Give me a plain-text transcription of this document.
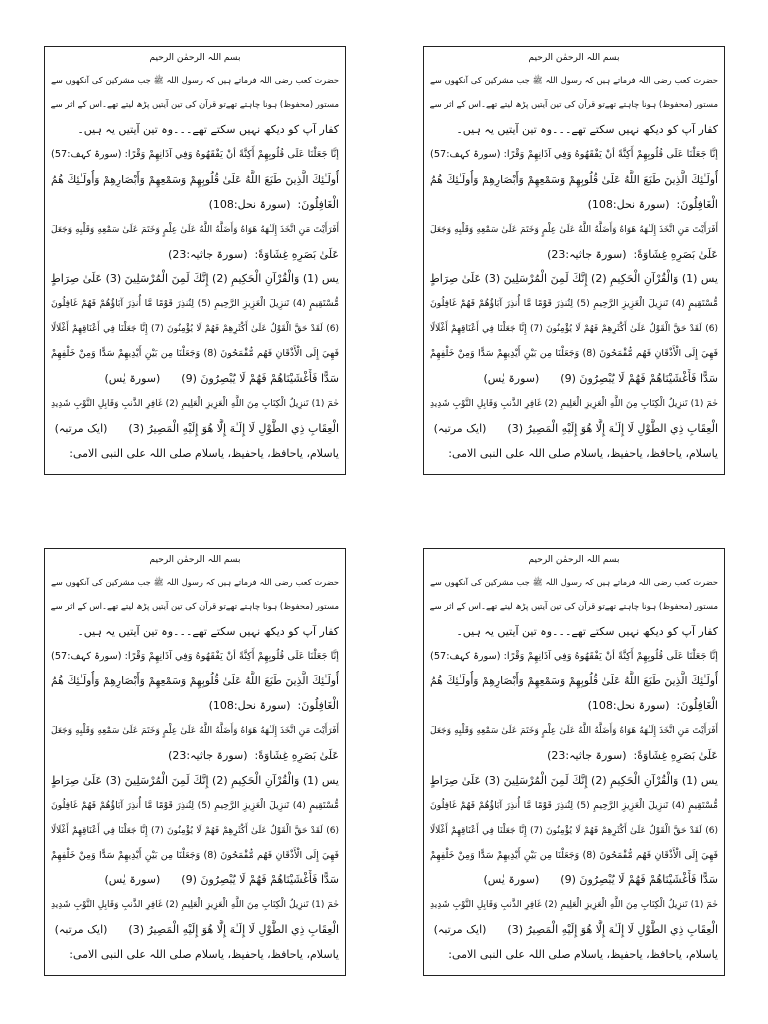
بسم اللہ الرحمٰن الرحیم
حضرت کعب رضی اللہ فرماتے ہیں کہ رسول اللہ ﷺ جب مشرکین کی آنکھوں سے
مستور (محفوظ) ہونا چاہتے تھےتو قرآن کی تین آیتیں پڑھ لیتے تھے۔اس کے اثر سے
کفار آپ کو دیکھ نہیں سکتے تھے۔۔۔وہ تین آیتیں یہ ہیں۔
إنَّا جَعَلْنَا عَلَى قُلُوبِهِمْ أَكِنَّةً أنْ يَفْقَهُوهُ وَفِي آذَانِهِمْ وَقْرًا: (سورۃ کہف:57)
أُولَـٰئِكَ الَّذِينَ طَبَعَ اللَّهُ عَلَىٰ قُلُوبِهِمْ وَسَمْعِهِمْ وَأَبْصَارِهِمْ وَأُولَـٰئِكَ هُمُ
الْغَافِلُونَ:  (سورۃ نحل:108)
أَفَرَأَيْتَ مَنِ اتَّخَذَ إِلَـٰهَهُ هَوَاهُ وَأَضَلَّهُ اللَّهُ عَلَىٰ عِلْمٍ وَخَتَمَ عَلَىٰ سَمْعِهِ وَقَلْبِهِ وَجَعَلَ
عَلَىٰ بَصَرِهِ غِشَاوَةً:  (سورۃ جاثیہ:23)
يس (1) وَالْقُرْآنِ الْحَكِيمِ (2) إِنَّكَ لَمِنَ الْمُرْسَلِينَ (3) عَلَىٰ صِرَاطٍ
مُّسْتَقِيمٍ (4) تَنزِيلَ الْعَزِيزِ الرَّحِيمِ (5) لِتُنذِرَ قَوْمًا مَّا أُنذِرَ آبَاؤُهُمْ فَهُمْ غَافِلُونَ
(6) لَقَدْ حَقَّ الْقَوْلُ عَلَىٰ أَكْثَرِهِمْ فَهُمْ لَا يُؤْمِنُونَ (7) إِنَّا جَعَلْنَا فِي أَعْنَاقِهِمْ أَغْلَالًا
فَهِيَ إِلَى الْأَذْقَانِ فَهُم مُّقْمَحُونَ (8) وَجَعَلْنَا مِن بَيْنِ أَيْدِيهِمْ سَدًّا وَمِنْ خَلْفِهِمْ
سَدًّا فَأَغْشَيْنَاهُمْ فَهُمْ لَا يُبْصِرُونَ (9)      (سورۃ یٰس)
حٰمٓ (1) تَنزِيلُ الْكِتَابِ مِنَ اللَّهِ الْعَزِيزِ الْعَلِيمِ (2) غَافِرِ الذَّنبِ وَقَابِلِ التَّوْبِ شَدِيدِ
الْعِقَابِ ذِي الطَّوْلِ لَا إِلَـٰهَ إِلَّا هُوَ إِلَيْهِ الْمَصِيرُ (3)      (ایک مرتبہ)
یاسلام، یاحافظ، یاحفیظ، یاسلام صلی اللہ علی النبی الامی:
بسم اللہ الرحمٰن الرحیم
حضرت کعب رضی اللہ فرماتے ہیں کہ رسول اللہ ﷺ جب مشرکین کی آنکھوں سے
مستور (محفوظ) ہونا چاہتے تھےتو قرآن کی تین آیتیں پڑھ لیتے تھے۔اس کے اثر سے
کفار آپ کو دیکھ نہیں سکتے تھے۔۔۔وہ تین آیتیں یہ ہیں۔
إنَّا جَعَلْنَا عَلَى قُلُوبِهِمْ أَكِنَّةً أنْ يَفْقَهُوهُ وَفِي آذَانِهِمْ وَقْرًا: (سورۃ کہف:57)
أُولَـٰئِكَ الَّذِينَ طَبَعَ اللَّهُ عَلَىٰ قُلُوبِهِمْ وَسَمْعِهِمْ وَأَبْصَارِهِمْ وَأُولَـٰئِكَ هُمُ
الْغَافِلُونَ:  (سورۃ نحل:108)
أَفَرَأَيْتَ مَنِ اتَّخَذَ إِلَـٰهَهُ هَوَاهُ وَأَضَلَّهُ اللَّهُ عَلَىٰ عِلْمٍ وَخَتَمَ عَلَىٰ سَمْعِهِ وَقَلْبِهِ وَجَعَلَ
عَلَىٰ بَصَرِهِ غِشَاوَةً:  (سورۃ جاثیہ:23)
يس (1) وَالْقُرْآنِ الْحَكِيمِ (2) إِنَّكَ لَمِنَ الْمُرْسَلِينَ (3) عَلَىٰ صِرَاطٍ
مُّسْتَقِيمٍ (4) تَنزِيلَ الْعَزِيزِ الرَّحِيمِ (5) لِتُنذِرَ قَوْمًا مَّا أُنذِرَ آبَاؤُهُمْ فَهُمْ غَافِلُونَ
(6) لَقَدْ حَقَّ الْقَوْلُ عَلَىٰ أَكْثَرِهِمْ فَهُمْ لَا يُؤْمِنُونَ (7) إِنَّا جَعَلْنَا فِي أَعْنَاقِهِمْ أَغْلَالًا
فَهِيَ إِلَى الْأَذْقَانِ فَهُم مُّقْمَحُونَ (8) وَجَعَلْنَا مِن بَيْنِ أَيْدِيهِمْ سَدًّا وَمِنْ خَلْفِهِمْ
سَدًّا فَأَغْشَيْنَاهُمْ فَهُمْ لَا يُبْصِرُونَ (9)      (سورۃ یٰس)
حٰمٓ (1) تَنزِيلُ الْكِتَابِ مِنَ اللَّهِ الْعَزِيزِ الْعَلِيمِ (2) غَافِرِ الذَّنبِ وَقَابِلِ التَّوْبِ شَدِيدِ
الْعِقَابِ ذِي الطَّوْلِ لَا إِلَـٰهَ إِلَّا هُوَ إِلَيْهِ الْمَصِيرُ (3)      (ایک مرتبہ)
یاسلام، یاحافظ، یاحفیظ، یاسلام صلی اللہ علی النبی الامی:
بسم اللہ الرحمٰن الرحیم
حضرت کعب رضی اللہ فرماتے ہیں کہ رسول اللہ ﷺ جب مشرکین کی آنکھوں سے
مستور (محفوظ) ہونا چاہتے تھےتو قرآن کی تین آیتیں پڑھ لیتے تھے۔اس کے اثر سے
کفار آپ کو دیکھ نہیں سکتے تھے۔۔۔وہ تین آیتیں یہ ہیں۔
إنَّا جَعَلْنَا عَلَى قُلُوبِهِمْ أَكِنَّةً أنْ يَفْقَهُوهُ وَفِي آذَانِهِمْ وَقْرًا: (سورۃ کہف:57)
أُولَـٰئِكَ الَّذِينَ طَبَعَ اللَّهُ عَلَىٰ قُلُوبِهِمْ وَسَمْعِهِمْ وَأَبْصَارِهِمْ وَأُولَـٰئِكَ هُمُ
الْغَافِلُونَ:  (سورۃ نحل:108)
أَفَرَأَيْتَ مَنِ اتَّخَذَ إِلَـٰهَهُ هَوَاهُ وَأَضَلَّهُ اللَّهُ عَلَىٰ عِلْمٍ وَخَتَمَ عَلَىٰ سَمْعِهِ وَقَلْبِهِ وَجَعَلَ
عَلَىٰ بَصَرِهِ غِشَاوَةً:  (سورۃ جاثیہ:23)
يس (1) وَالْقُرْآنِ الْحَكِيمِ (2) إِنَّكَ لَمِنَ الْمُرْسَلِينَ (3) عَلَىٰ صِرَاطٍ
مُّسْتَقِيمٍ (4) تَنزِيلَ الْعَزِيزِ الرَّحِيمِ (5) لِتُنذِرَ قَوْمًا مَّا أُنذِرَ آبَاؤُهُمْ فَهُمْ غَافِلُونَ
(6) لَقَدْ حَقَّ الْقَوْلُ عَلَىٰ أَكْثَرِهِمْ فَهُمْ لَا يُؤْمِنُونَ (7) إِنَّا جَعَلْنَا فِي أَعْنَاقِهِمْ أَغْلَالًا
فَهِيَ إِلَى الْأَذْقَانِ فَهُم مُّقْمَحُونَ (8) وَجَعَلْنَا مِن بَيْنِ أَيْدِيهِمْ سَدًّا وَمِنْ خَلْفِهِمْ
سَدًّا فَأَغْشَيْنَاهُمْ فَهُمْ لَا يُبْصِرُونَ (9)      (سورۃ یٰس)
حٰمٓ (1) تَنزِيلُ الْكِتَابِ مِنَ اللَّهِ الْعَزِيزِ الْعَلِيمِ (2) غَافِرِ الذَّنبِ وَقَابِلِ التَّوْبِ شَدِيدِ
الْعِقَابِ ذِي الطَّوْلِ لَا إِلَـٰهَ إِلَّا هُوَ إِلَيْهِ الْمَصِيرُ (3)      (ایک مرتبہ)
یاسلام، یاحافظ، یاحفیظ، یاسلام صلی اللہ علی النبی الامی:
بسم اللہ الرحمٰن الرحیم
حضرت کعب رضی اللہ فرماتے ہیں کہ رسول اللہ ﷺ جب مشرکین کی آنکھوں سے
مستور (محفوظ) ہونا چاہتے تھےتو قرآن کی تین آیتیں پڑھ لیتے تھے۔اس کے اثر سے
کفار آپ کو دیکھ نہیں سکتے تھے۔۔۔وہ تین آیتیں یہ ہیں۔
إنَّا جَعَلْنَا عَلَى قُلُوبِهِمْ أَكِنَّةً أنْ يَفْقَهُوهُ وَفِي آذَانِهِمْ وَقْرًا: (سورۃ کہف:57)
أُولَـٰئِكَ الَّذِينَ طَبَعَ اللَّهُ عَلَىٰ قُلُوبِهِمْ وَسَمْعِهِمْ وَأَبْصَارِهِمْ وَأُولَـٰئِكَ هُمُ
الْغَافِلُونَ:  (سورۃ نحل:108)
أَفَرَأَيْتَ مَنِ اتَّخَذَ إِلَـٰهَهُ هَوَاهُ وَأَضَلَّهُ اللَّهُ عَلَىٰ عِلْمٍ وَخَتَمَ عَلَىٰ سَمْعِهِ وَقَلْبِهِ وَجَعَلَ
عَلَىٰ بَصَرِهِ غِشَاوَةً:  (سورۃ جاثیہ:23)
يس (1) وَالْقُرْآنِ الْحَكِيمِ (2) إِنَّكَ لَمِنَ الْمُرْسَلِينَ (3) عَلَىٰ صِرَاطٍ
مُّسْتَقِيمٍ (4) تَنزِيلَ الْعَزِيزِ الرَّحِيمِ (5) لِتُنذِرَ قَوْمًا مَّا أُنذِرَ آبَاؤُهُمْ فَهُمْ غَافِلُونَ
(6) لَقَدْ حَقَّ الْقَوْلُ عَلَىٰ أَكْثَرِهِمْ فَهُمْ لَا يُؤْمِنُونَ (7) إِنَّا جَعَلْنَا فِي أَعْنَاقِهِمْ أَغْلَالًا
فَهِيَ إِلَى الْأَذْقَانِ فَهُم مُّقْمَحُونَ (8) وَجَعَلْنَا مِن بَيْنِ أَيْدِيهِمْ سَدًّا وَمِنْ خَلْفِهِمْ
سَدًّا فَأَغْشَيْنَاهُمْ فَهُمْ لَا يُبْصِرُونَ (9)      (سورۃ یٰس)
حٰمٓ (1) تَنزِيلُ الْكِتَابِ مِنَ اللَّهِ الْعَزِيزِ الْعَلِيمِ (2) غَافِرِ الذَّنبِ وَقَابِلِ التَّوْبِ شَدِيدِ
الْعِقَابِ ذِي الطَّوْلِ لَا إِلَـٰهَ إِلَّا هُوَ إِلَيْهِ الْمَصِيرُ (3)      (ایک مرتبہ)
یاسلام، یاحافظ، یاحفیظ، یاسلام صلی اللہ علی النبی الامی:
